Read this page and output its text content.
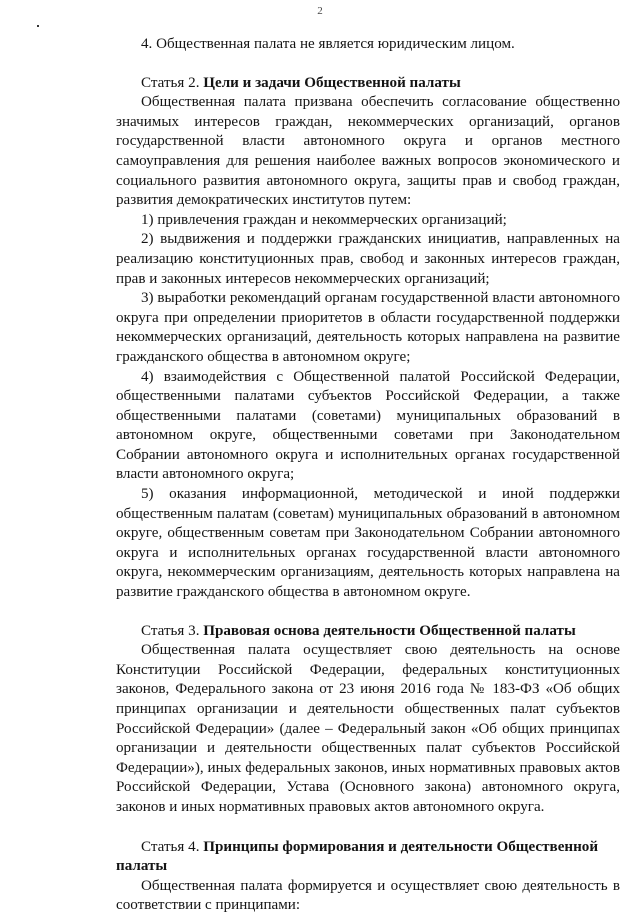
2

4. Общественная палата не является юридическим лицом.

Статья 2. Цели и задачи Общественной палаты

Общественная палата призвана обеспечить согласование общественно значимых интересов граждан, некоммерческих организаций, органов государственной власти автономного округа и органов местного самоуправления для решения наиболее важных вопросов экономического и социального развития автономного округа, защиты прав и свобод граждан, развития демократических институтов путем:

1) привлечения граждан и некоммерческих организаций;

2) выдвижения и поддержки гражданских инициатив, направленных на реализацию конституционных прав, свобод и законных интересов граждан, прав и законных интересов некоммерческих организаций;

3) выработки рекомендаций органам государственной власти автономного округа при определении приоритетов в области государственной поддержки некоммерческих организаций, деятельность которых направлена на развитие гражданского общества в автономном округе;

4) взаимодействия с Общественной палатой Российской Федерации, общественными палатами субъектов Российской Федерации, а также общественными палатами (советами) муниципальных образований в автономном округе, общественными советами при Законодательном Собрании автономного округа и исполнительных органах государственной власти автономного округа;

5) оказания информационной, методической и иной поддержки общественным палатам (советам) муниципальных образований в автономном округе, общественным советам при Законодательном Собрании автономного округа и исполнительных органах государственной власти автономного округа, некоммерческим организациям, деятельность которых направлена на развитие гражданского общества в автономном округе.

Статья 3. Правовая основа деятельности Общественной палаты

Общественная палата осуществляет свою деятельность на основе Конституции Российской Федерации, федеральных конституционных законов, Федерального закона от 23 июня 2016 года № 183-ФЗ «Об общих принципах организации и деятельности общественных палат субъектов Российской Федерации» (далее – Федеральный закон «Об общих принципах организации и деятельности общественных палат субъектов Российской Федерации»), иных федеральных законов, иных нормативных правовых актов Российской Федерации, Устава (Основного закона) автономного округа, законов и иных нормативных правовых актов автономного округа.

Статья 4. Принципы формирования и деятельности Общественной палаты

Общественная палата формируется и осуществляет свою деятельность в соответствии с принципами:
